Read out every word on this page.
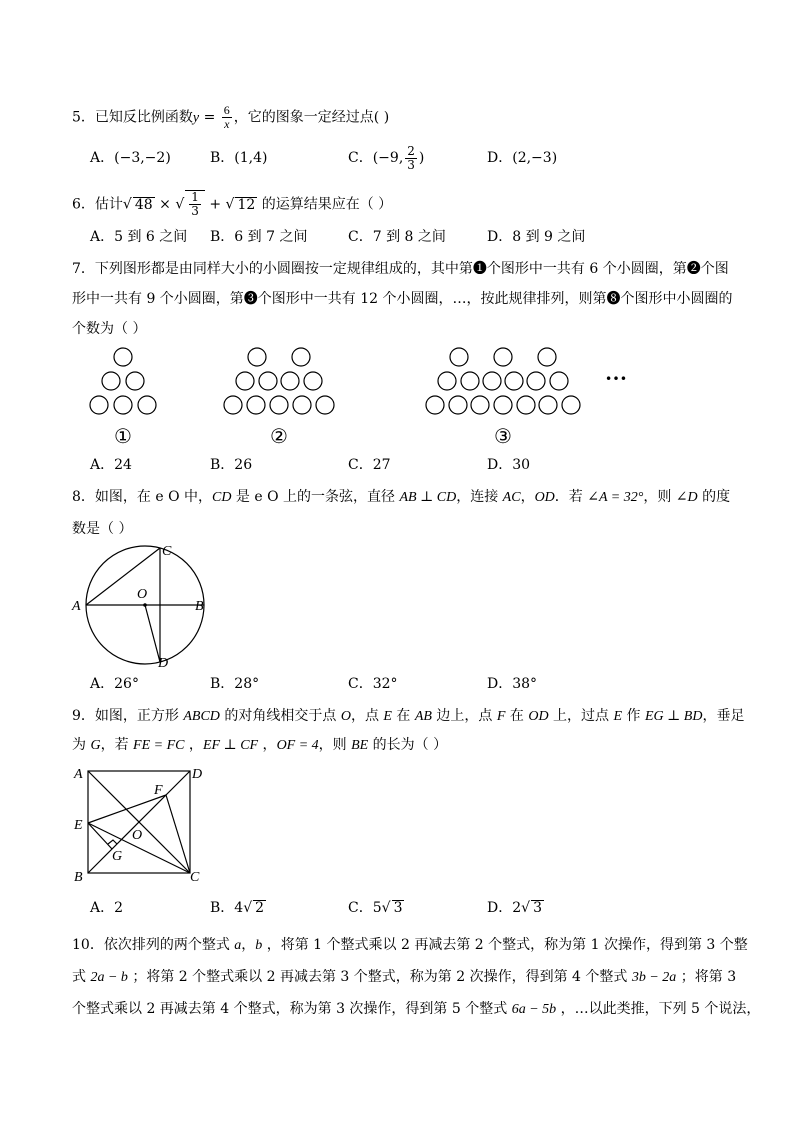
5．已知反比例函数$y = \frac{6}{x}$ ，它的图象一定经过点( )
A．(−3,−2)	B．(1,4)	C．(−9, $\frac{2}{3}$ )	D．(2,−3)
6．估计√ 48 × √ $\frac{1}{3}$ + √ 12 的运算结果应在（ ）
A．5 到 6 之间 B．6 到 7 之间	C．7 到 8 之间	D．8 到 9 之间
7．下列图形都是由同样大小的小圆圈按一定规律组成的，其中第➊个图形中一共有 6 个小圆圈，第➋个图
形中一共有 9 个小圆圈，第➌个图形中一共有 12 个小圆圈，…，按此规律排列，则第➑个图形中小圆圈的
个数为（ ）
①	②	③
…
A．24	B．26	C．27	D．30
8．如图，在 e O 中，CD 是 e O 上的一条弦，直径 AB ⊥ CD，连接 AC，OD．若 ∠A = 32°，则 ∠D 的度
数是（ ）
A	B
C
D
O
A．26°	B．28°	C．32°	D．38°
9．如图，正方形 ABCD 的对角线相交于点 O，点 E 在 AB 边上，点 F 在 OD 上，过点 E 作 EG ⊥ BD，垂足
为 G，若 FE = FC ，EF ⊥ CF ，OF = 4，则 BE 的长为（ ）
A	D
B	C
E
F
G
O
A．2	B．4√ 2	C．5√ 3	D．2√ 3
10．依次排列的两个整式 a，b ，将第 1 个整式乘以 2 再减去第 2 个整式，称为第 1 次操作，得到第 3 个整
式 2a − b ；将第 2 个整式乘以 2 再减去第 3 个整式，称为第 2 次操作，得到第 4 个整式 3b − 2a ；将第 3
个整式乘以 2 再减去第 4 个整式，称为第 3 次操作，得到第 5 个整式 6a − 5b ，…以此类推，下列 5 个说法，
